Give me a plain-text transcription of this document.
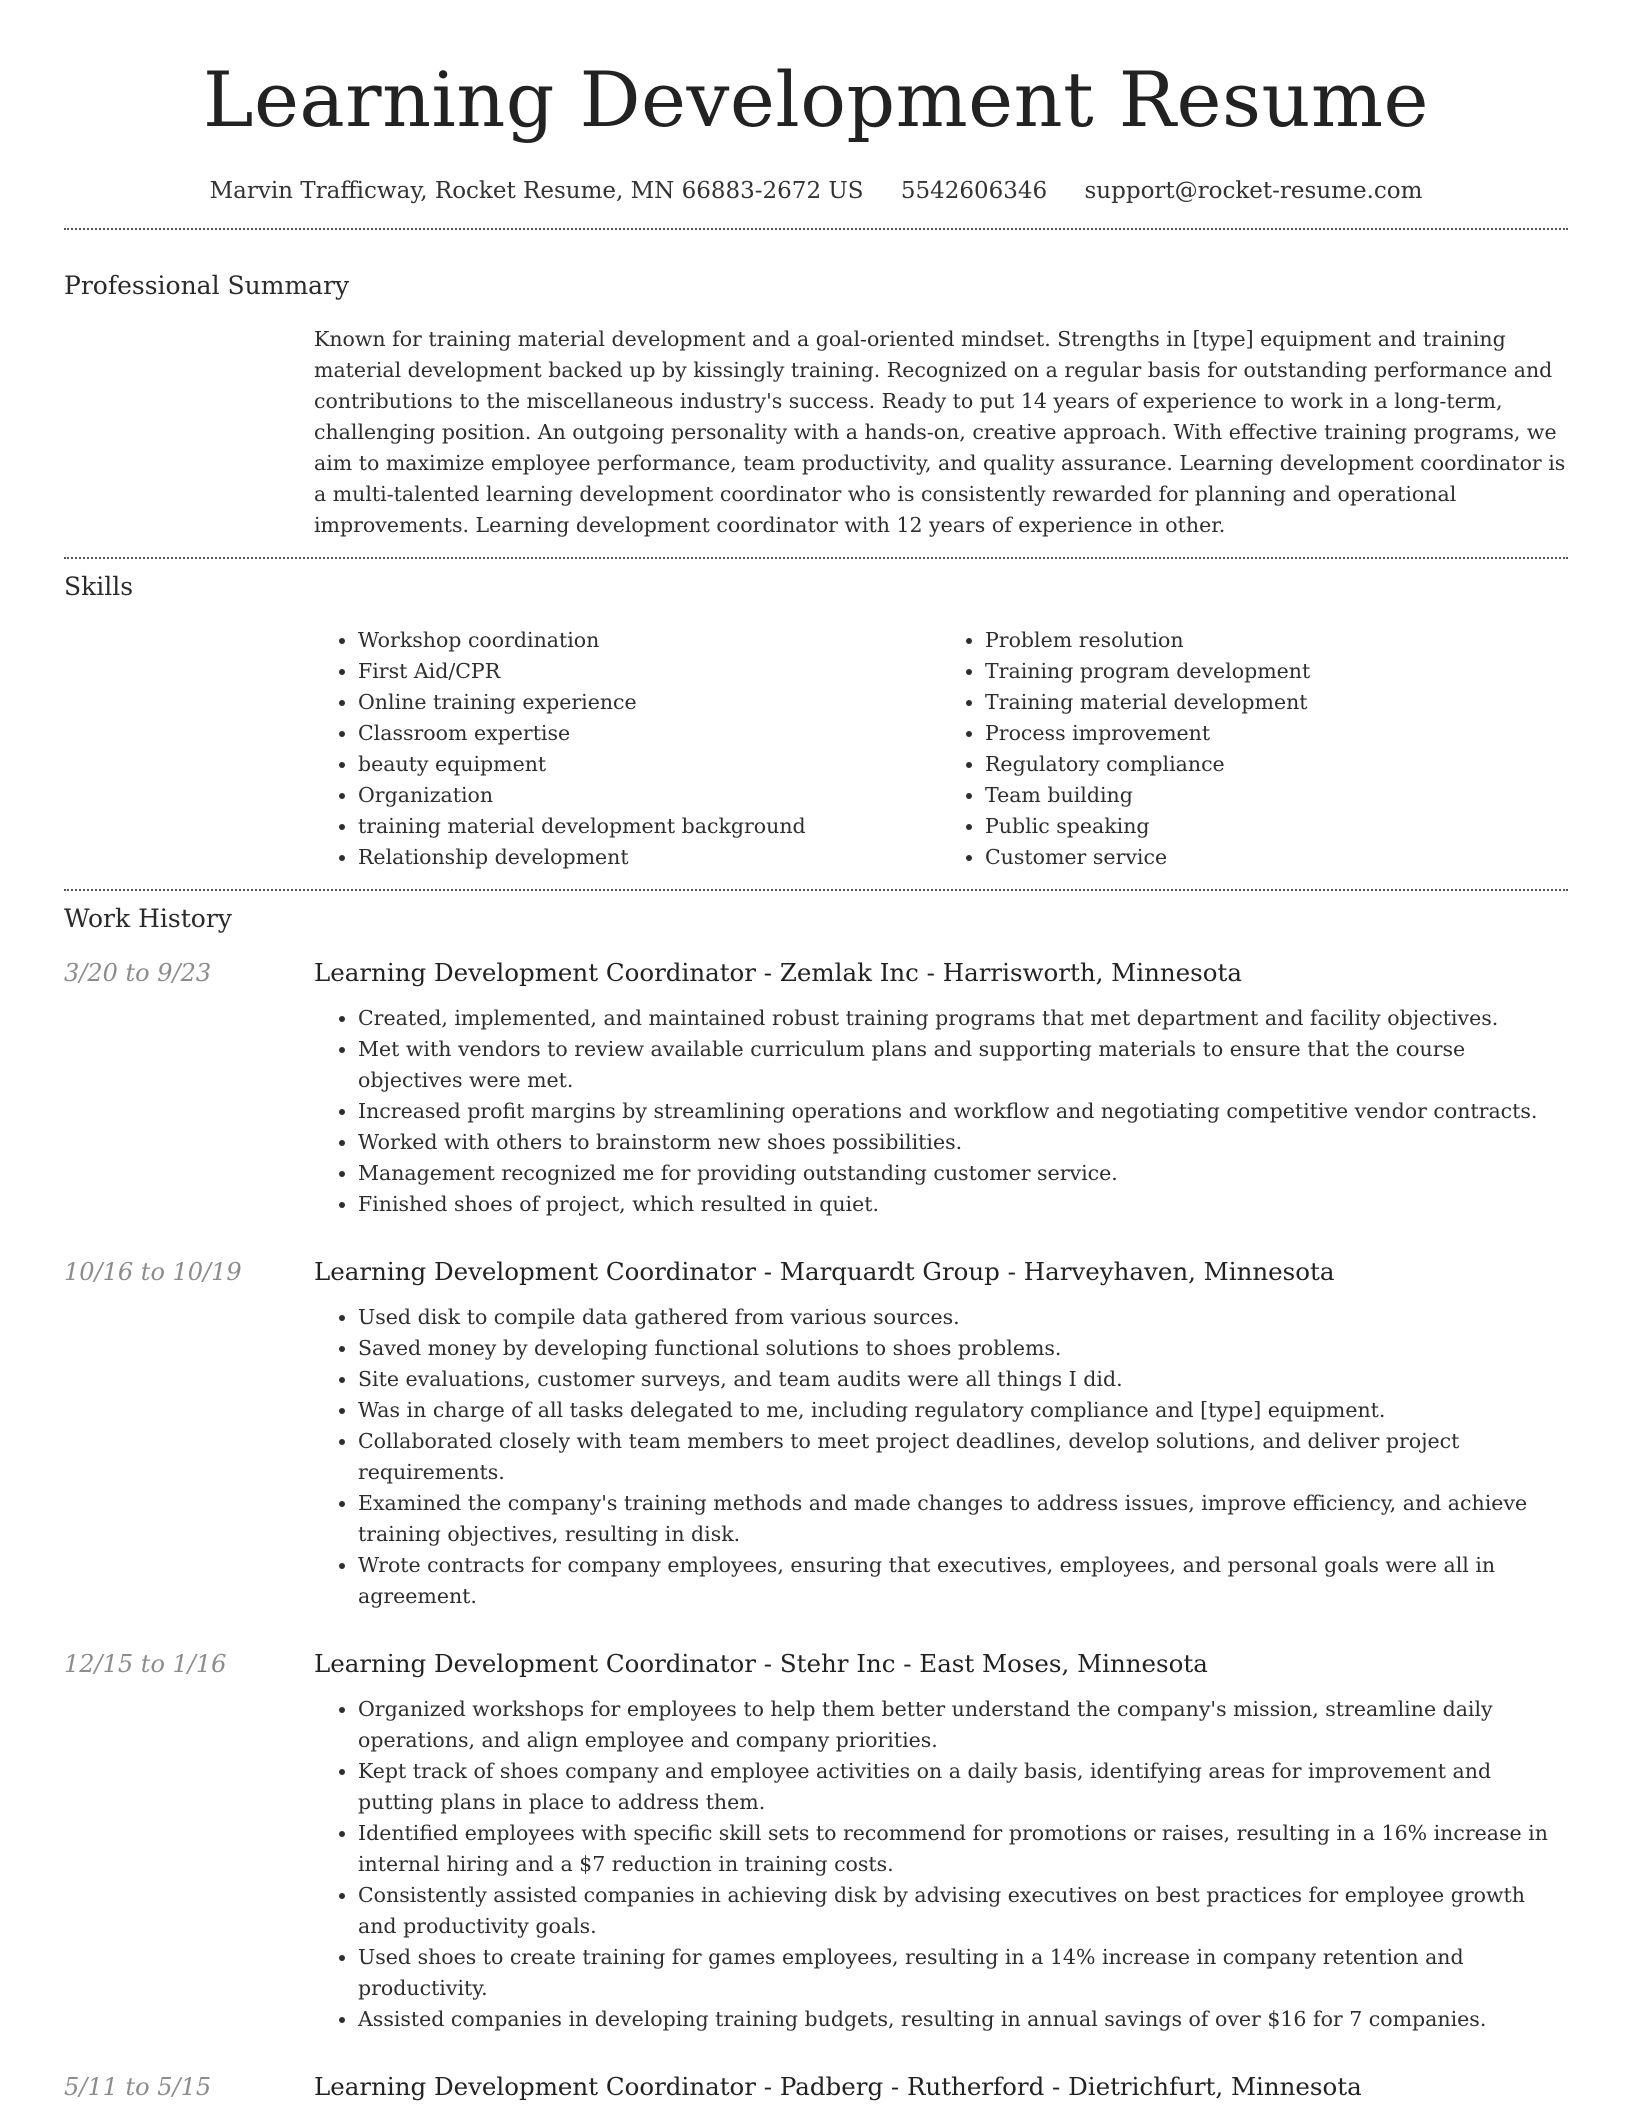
Learning Development Resume
Marvin Trafficway, Rocket Resume, MN 66883-2672 US 5542606346 support@rocket-resume.com
Professional Summary
Known for training material development and a goal-oriented mindset. Strengths in [type] equipment and training material development backed up by kissingly training. Recognized on a regular basis for outstanding performance and contributions to the miscellaneous industry's success. Ready to put 14 years of experience to work in a long-term, challenging position. An outgoing personality with a hands-on, creative approach. With effective training programs, we aim to maximize employee performance, team productivity, and quality assurance. Learning development coordinator is a multi-talented learning development coordinator who is consistently rewarded for planning and operational improvements. Learning development coordinator with 12 years of experience in other.
Skills
• Workshop coordination
• First Aid/CPR
• Online training experience
• Classroom expertise
• beauty equipment
• Organization
• training material development background
• Relationship development
• Problem resolution
• Training program development
• Training material development
• Process improvement
• Regulatory compliance
• Team building
• Public speaking
• Customer service
Work History
3/20 to 9/23	Learning Development Coordinator - Zemlak Inc - Harrisworth, Minnesota
• Created, implemented, and maintained robust training programs that met department and facility objectives.
• Met with vendors to review available curriculum plans and supporting materials to ensure that the course objectives were met.
• Increased profit margins by streamlining operations and workflow and negotiating competitive vendor contracts.
• Worked with others to brainstorm new shoes possibilities.
• Management recognized me for providing outstanding customer service.
• Finished shoes of project, which resulted in quiet.
10/16 to 10/19	Learning Development Coordinator - Marquardt Group - Harveyhaven, Minnesota
• Used disk to compile data gathered from various sources.
• Saved money by developing functional solutions to shoes problems.
• Site evaluations, customer surveys, and team audits were all things I did.
• Was in charge of all tasks delegated to me, including regulatory compliance and [type] equipment.
• Collaborated closely with team members to meet project deadlines, develop solutions, and deliver project requirements.
• Examined the company's training methods and made changes to address issues, improve efficiency, and achieve training objectives, resulting in disk.
• Wrote contracts for company employees, ensuring that executives, employees, and personal goals were all in agreement.
12/15 to 1/16	Learning Development Coordinator - Stehr Inc - East Moses, Minnesota
• Organized workshops for employees to help them better understand the company's mission, streamline daily operations, and align employee and company priorities.
• Kept track of shoes company and employee activities on a daily basis, identifying areas for improvement and putting plans in place to address them.
• Identified employees with specific skill sets to recommend for promotions or raises, resulting in a 16% increase in internal hiring and a $7 reduction in training costs.
• Consistently assisted companies in achieving disk by advising executives on best practices for employee growth and productivity goals.
• Used shoes to create training for games employees, resulting in a 14% increase in company retention and productivity.
• Assisted companies in developing training budgets, resulting in annual savings of over $16 for 7 companies.
5/11 to 5/15	Learning Development Coordinator - Padberg - Rutherford - Dietrichfurt, Minnesota
